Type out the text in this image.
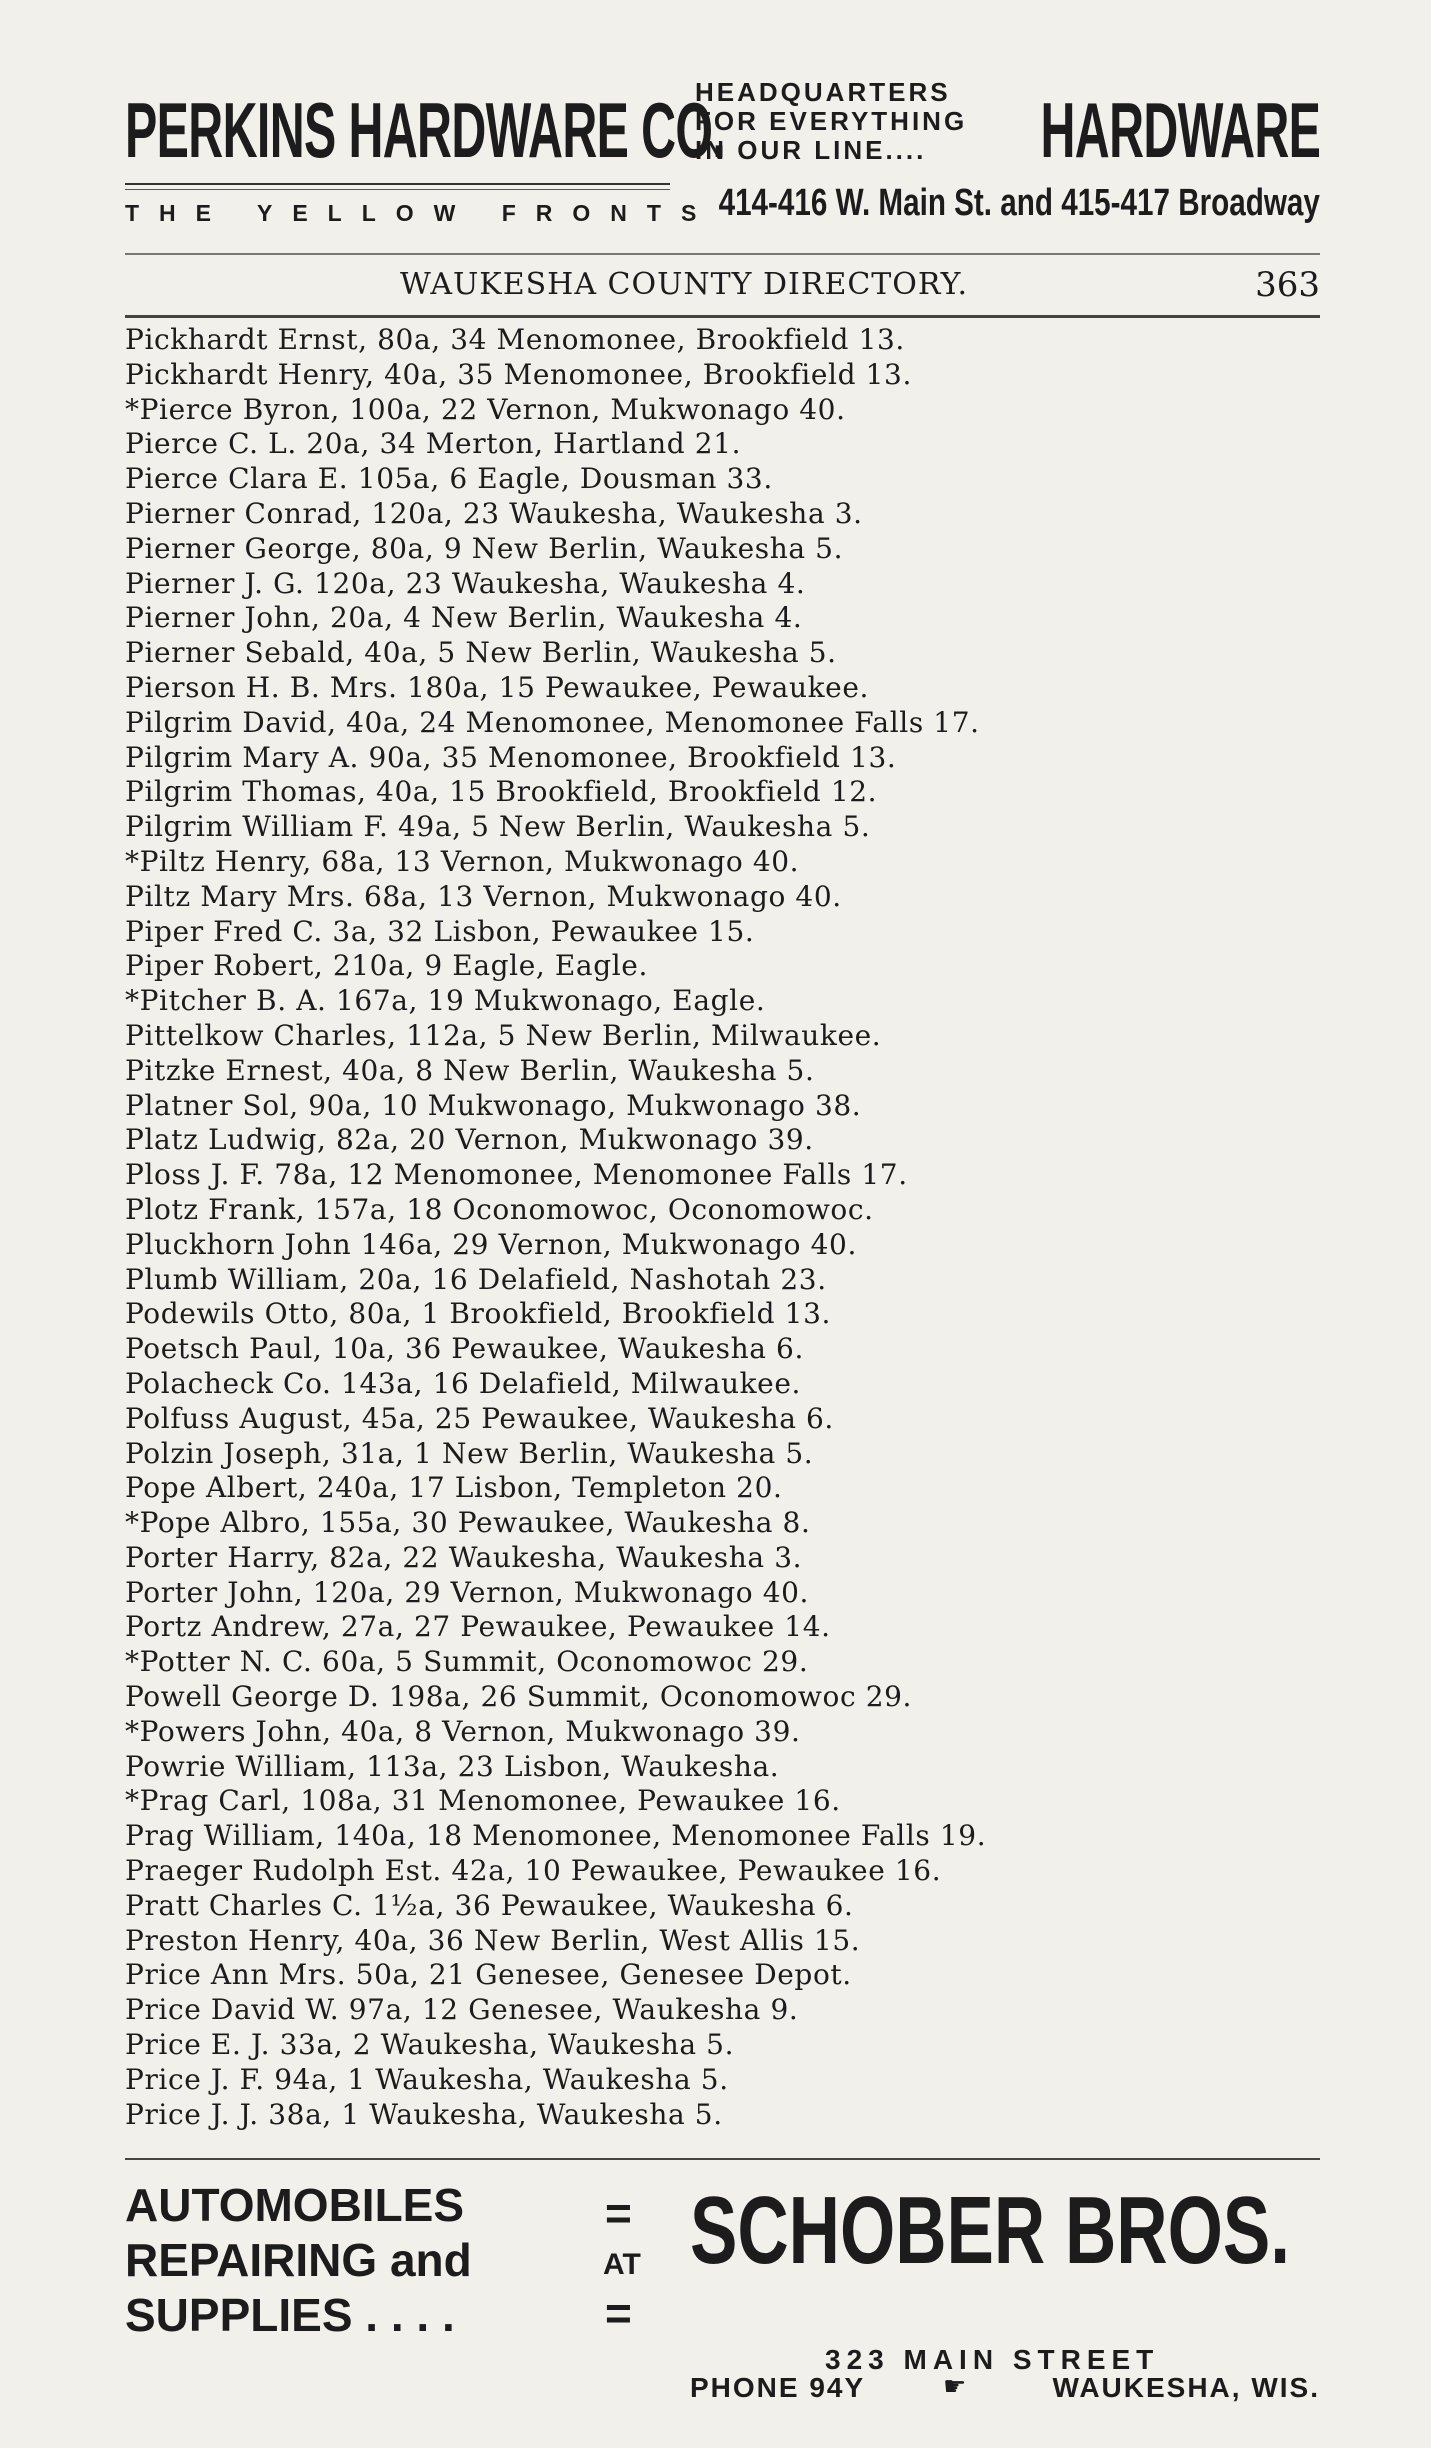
PERKINS HARDWARE CO.
HEADQUARTERS
FOR EVERYTHING
IN OUR LINE....	HARDWARE
THE YELLOW FRONTS 414-416 W. Main St. and 415-417 Broadway
WAUKESHA COUNTY DIRECTORY.	363
Pickhardt Ernst, 80a, 34 Menomonee, Brookfield 13.
Pickhardt Henry, 40a, 35 Menomonee, Brookfield 13.
*Pierce Byron, 100a, 22 Vernon, Mukwonago 40.
Pierce C. L. 20a, 34 Merton, Hartland 21.
Pierce Clara E. 105a, 6 Eagle, Dousman 33.
Pierner Conrad, 120a, 23 Waukesha, Waukesha 3.
Pierner George, 80a, 9 New Berlin, Waukesha 5.
Pierner J. G. 120a, 23 Waukesha, Waukesha 4.
Pierner John, 20a, 4 New Berlin, Waukesha 4.
Pierner Sebald, 40a, 5 New Berlin, Waukesha 5.
Pierson H. B. Mrs. 180a, 15 Pewaukee, Pewaukee.
Pilgrim David, 40a, 24 Menomonee, Menomonee Falls 17.
Pilgrim Mary A. 90a, 35 Menomonee, Brookfield 13.
Pilgrim Thomas, 40a, 15 Brookfield, Brookfield 12.
Pilgrim William F. 49a, 5 New Berlin, Waukesha 5.
*Piltz Henry, 68a, 13 Vernon, Mukwonago 40.
Piltz Mary Mrs. 68a, 13 Vernon, Mukwonago 40.
Piper Fred C. 3a, 32 Lisbon, Pewaukee 15.
Piper Robert, 210a, 9 Eagle, Eagle.
*Pitcher B. A. 167a, 19 Mukwonago, Eagle.
Pittelkow Charles, 112a, 5 New Berlin, Milwaukee.
Pitzke Ernest, 40a, 8 New Berlin, Waukesha 5.
Platner Sol, 90a, 10 Mukwonago, Mukwonago 38.
Platz Ludwig, 82a, 20 Vernon, Mukwonago 39.
Ploss J. F. 78a, 12 Menomonee, Menomonee Falls 17.
Plotz Frank, 157a, 18 Oconomowoc, Oconomowoc.
Pluckhorn John 146a, 29 Vernon, Mukwonago 40.
Plumb William, 20a, 16 Delafield, Nashotah 23.
Podewils Otto, 80a, 1 Brookfield, Brookfield 13.
Poetsch Paul, 10a, 36 Pewaukee, Waukesha 6.
Polacheck Co. 143a, 16 Delafield, Milwaukee.
Polfuss August, 45a, 25 Pewaukee, Waukesha 6.
Polzin Joseph, 31a, 1 New Berlin, Waukesha 5.
Pope Albert, 240a, 17 Lisbon, Templeton 20.
*Pope Albro, 155a, 30 Pewaukee, Waukesha 8.
Porter Harry, 82a, 22 Waukesha, Waukesha 3.
Porter John, 120a, 29 Vernon, Mukwonago 40.
Portz Andrew, 27a, 27 Pewaukee, Pewaukee 14.
*Potter N. C. 60a, 5 Summit, Oconomowoc 29.
Powell George D. 198a, 26 Summit, Oconomowoc 29.
*Powers John, 40a, 8 Vernon, Mukwonago 39.
Powrie William, 113a, 23 Lisbon, Waukesha.
*Prag Carl, 108a, 31 Menomonee, Pewaukee 16.
Prag William, 140a, 18 Menomonee, Menomonee Falls 19.
Praeger Rudolph Est. 42a, 10 Pewaukee, Pewaukee 16.
Pratt Charles C. 1½a, 36 Pewaukee, Waukesha 6.
Preston Henry, 40a, 36 New Berlin, West Allis 15.
Price Ann Mrs. 50a, 21 Genesee, Genesee Depot.
Price David W. 97a, 12 Genesee, Waukesha 9.
Price E. J. 33a, 2 Waukesha, Waukesha 5.
Price J. F. 94a, 1 Waukesha, Waukesha 5.
Price J. J. 38a, 1 Waukesha, Waukesha 5.
AUTOMOBILES
REPAIRING and
SUPPLIES . . . .
=
AT
=
SCHOBER BROS.
323 MAIN STREET
PHONE 94Y	☛	WAUKESHA, WIS.
